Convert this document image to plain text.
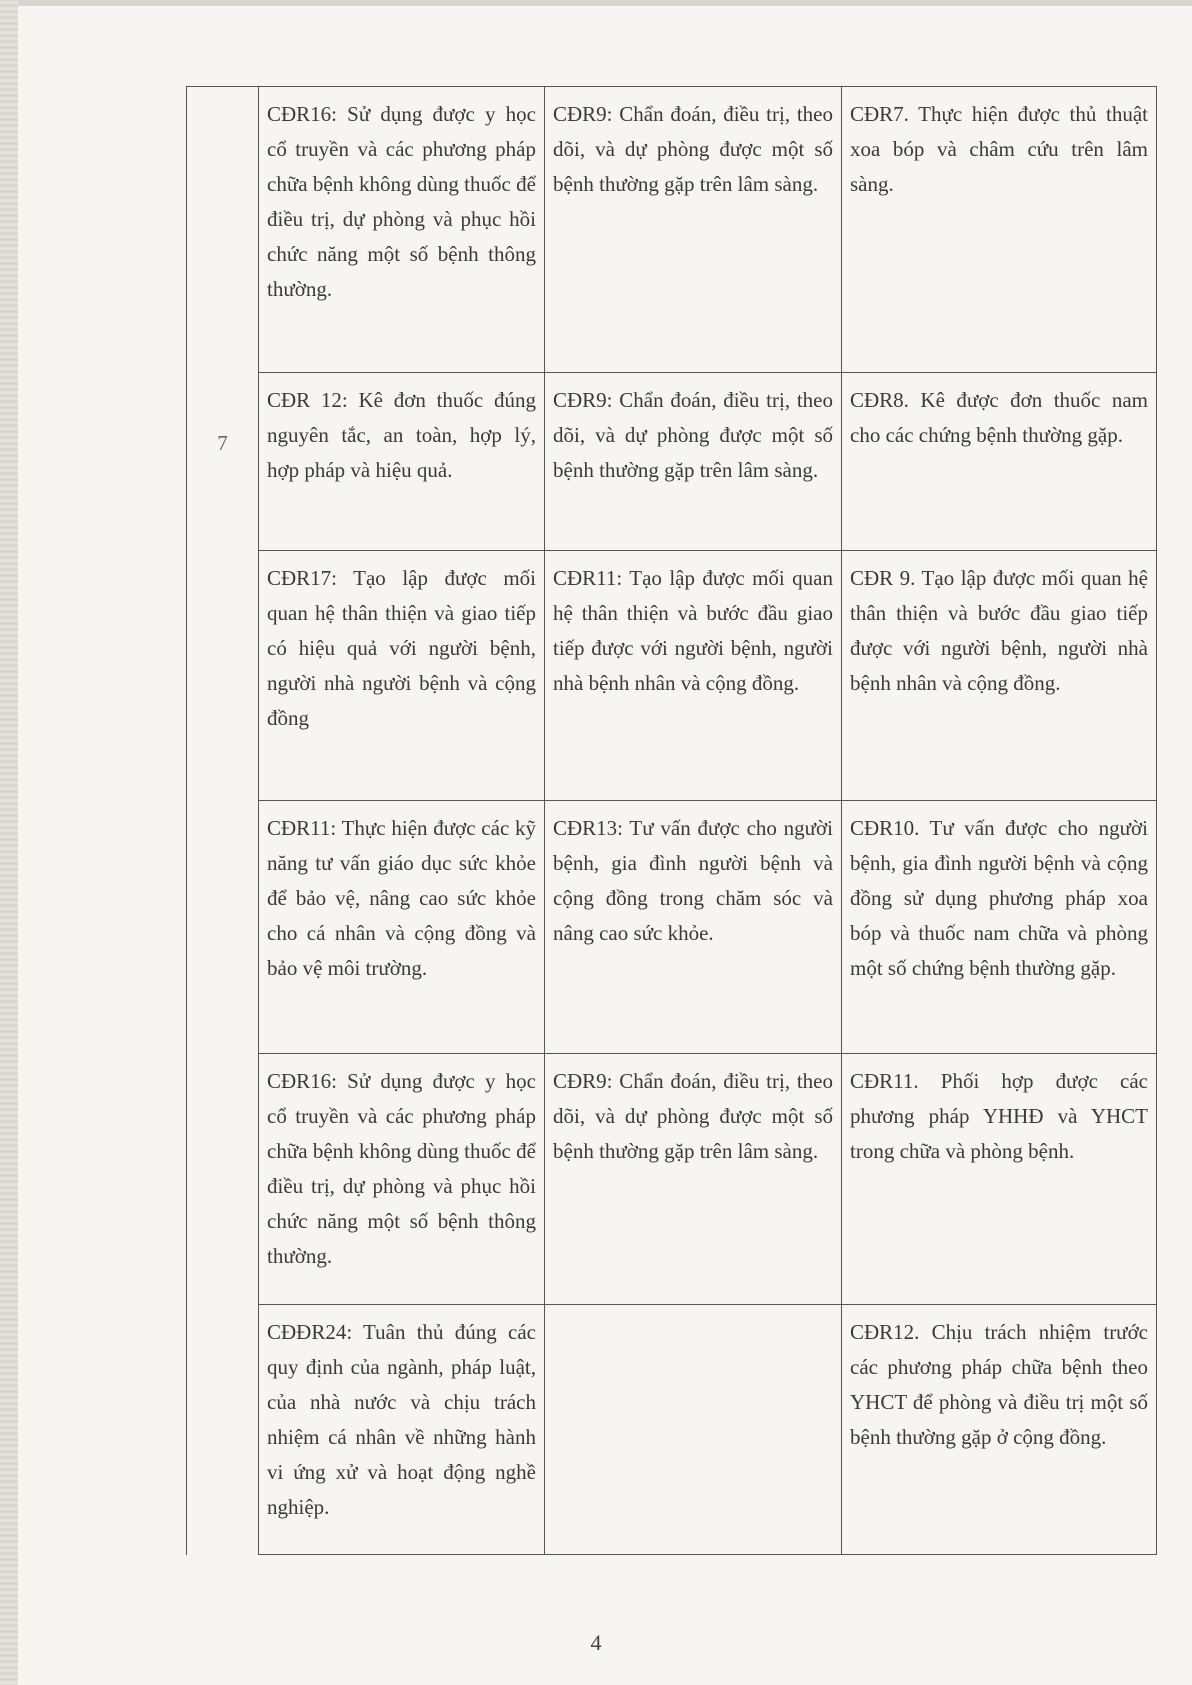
7	CĐR16: Sử dụng được y học cổ truyền và các phương pháp chữa bệnh không dùng thuốc để điều trị, dự phòng và phục hồi chức năng một số bệnh thông thường.	CĐR9: Chẩn đoán, điều trị, theo dõi, và dự phòng được một số bệnh thường gặp trên lâm sàng.	CĐR7. Thực hiện được thủ thuật xoa bóp và châm cứu trên lâm sàng.
	CĐR 12: Kê đơn thuốc đúng nguyên tắc, an toàn, hợp lý, hợp pháp và hiệu quả.	CĐR9: Chẩn đoán, điều trị, theo dõi, và dự phòng được một số bệnh thường gặp trên lâm sàng.	CĐR8. Kê được đơn thuốc nam cho các chứng bệnh thường gặp.
	CĐR17: Tạo lập được mối quan hệ thân thiện và giao tiếp có hiệu quả với người bệnh, người nhà người bệnh và cộng đồng	CĐR11: Tạo lập được mối quan hệ thân thiện và bước đầu giao tiếp được với người bệnh, người nhà bệnh nhân và cộng đồng.	CĐR 9. Tạo lập được mối quan hệ thân thiện và bước đầu giao tiếp được với người bệnh, người nhà bệnh nhân và cộng đồng.
	CĐR11: Thực hiện được các kỹ năng tư vấn giáo dục sức khỏe để bảo vệ, nâng cao sức khỏe cho cá nhân và cộng đồng và bảo vệ môi trường.	CĐR13: Tư vấn được cho người bệnh, gia đình người bệnh và cộng đồng trong chăm sóc và nâng cao sức khỏe.	CĐR10. Tư vấn được cho người bệnh, gia đình người bệnh và cộng đồng sử dụng phương pháp xoa bóp và thuốc nam chữa và phòng một số chứng bệnh thường gặp.
	CĐR16: Sử dụng được y học cổ truyền và các phương pháp chữa bệnh không dùng thuốc để điều trị, dự phòng và phục hồi chức năng một số bệnh thông thường.	CĐR9: Chẩn đoán, điều trị, theo dõi, và dự phòng được một số bệnh thường gặp trên lâm sàng.	CĐR11. Phối hợp được các phương pháp YHHĐ và YHCT trong chữa và phòng bệnh.
	CĐĐR24: Tuân thủ đúng các quy định của ngành, pháp luật, của nhà nước và chịu trách nhiệm cá nhân về những hành vi ứng xử và hoạt động nghề nghiệp.		CĐR12. Chịu trách nhiệm trước các phương pháp chữa bệnh theo YHCT để phòng và điều trị một số bệnh thường gặp ở cộng đồng.
4
